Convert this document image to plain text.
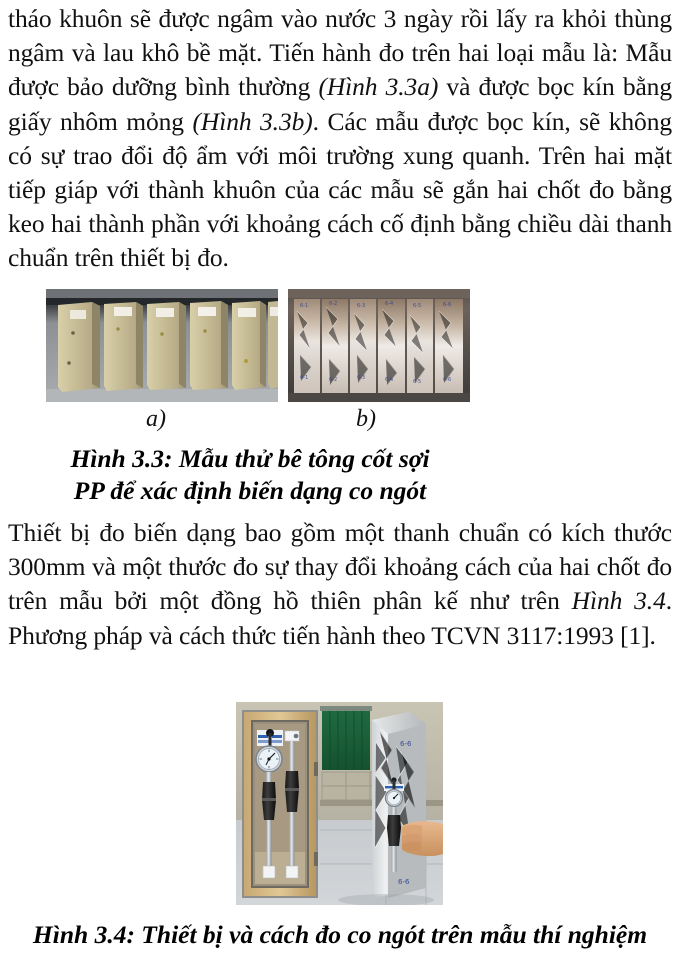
tháo khuôn sẽ được ngâm vào nước 3 ngày rồi lấy ra khỏi thùng ngâm và lau khô bề mặt. Tiến hành đo trên hai loại mẫu là: Mẫu được bảo dưỡng bình thường (Hình 3.3a) và được bọc kín bằng giấy nhôm mỏng (Hình 3.3b). Các mẫu được bọc kín, sẽ không có sự trao đổi độ ẩm với môi trường xung quanh. Trên hai mặt tiếp giáp với thành khuôn của các mẫu sẽ gắn hai chốt đo bằng keo hai thành phần với khoảng cách cố định bằng chiều dài thanh chuẩn trên thiết bị đo.
6-1	6-2	6-3	6-4	6-5	6-6
6-1	6-2	6-3	6-4	6-5	6-6
a)	b)
Hình 3.3: Mẫu thử bê tông cốt sợi
PP để xác định biến dạng co ngót
Thiết bị đo biến dạng bao gồm một thanh chuẩn có kích thước 300mm và một thước đo sự thay đổi khoảng cách của hai chốt đo trên mẫu bởi một đồng hồ thiên phân kế như trên Hình 3.4. Phương pháp và cách thức tiến hành theo TCVN 3117:1993 [1].
6-6
6-6
Hình 3.4: Thiết bị và cách đo co ngót trên mẫu thí nghiệm
